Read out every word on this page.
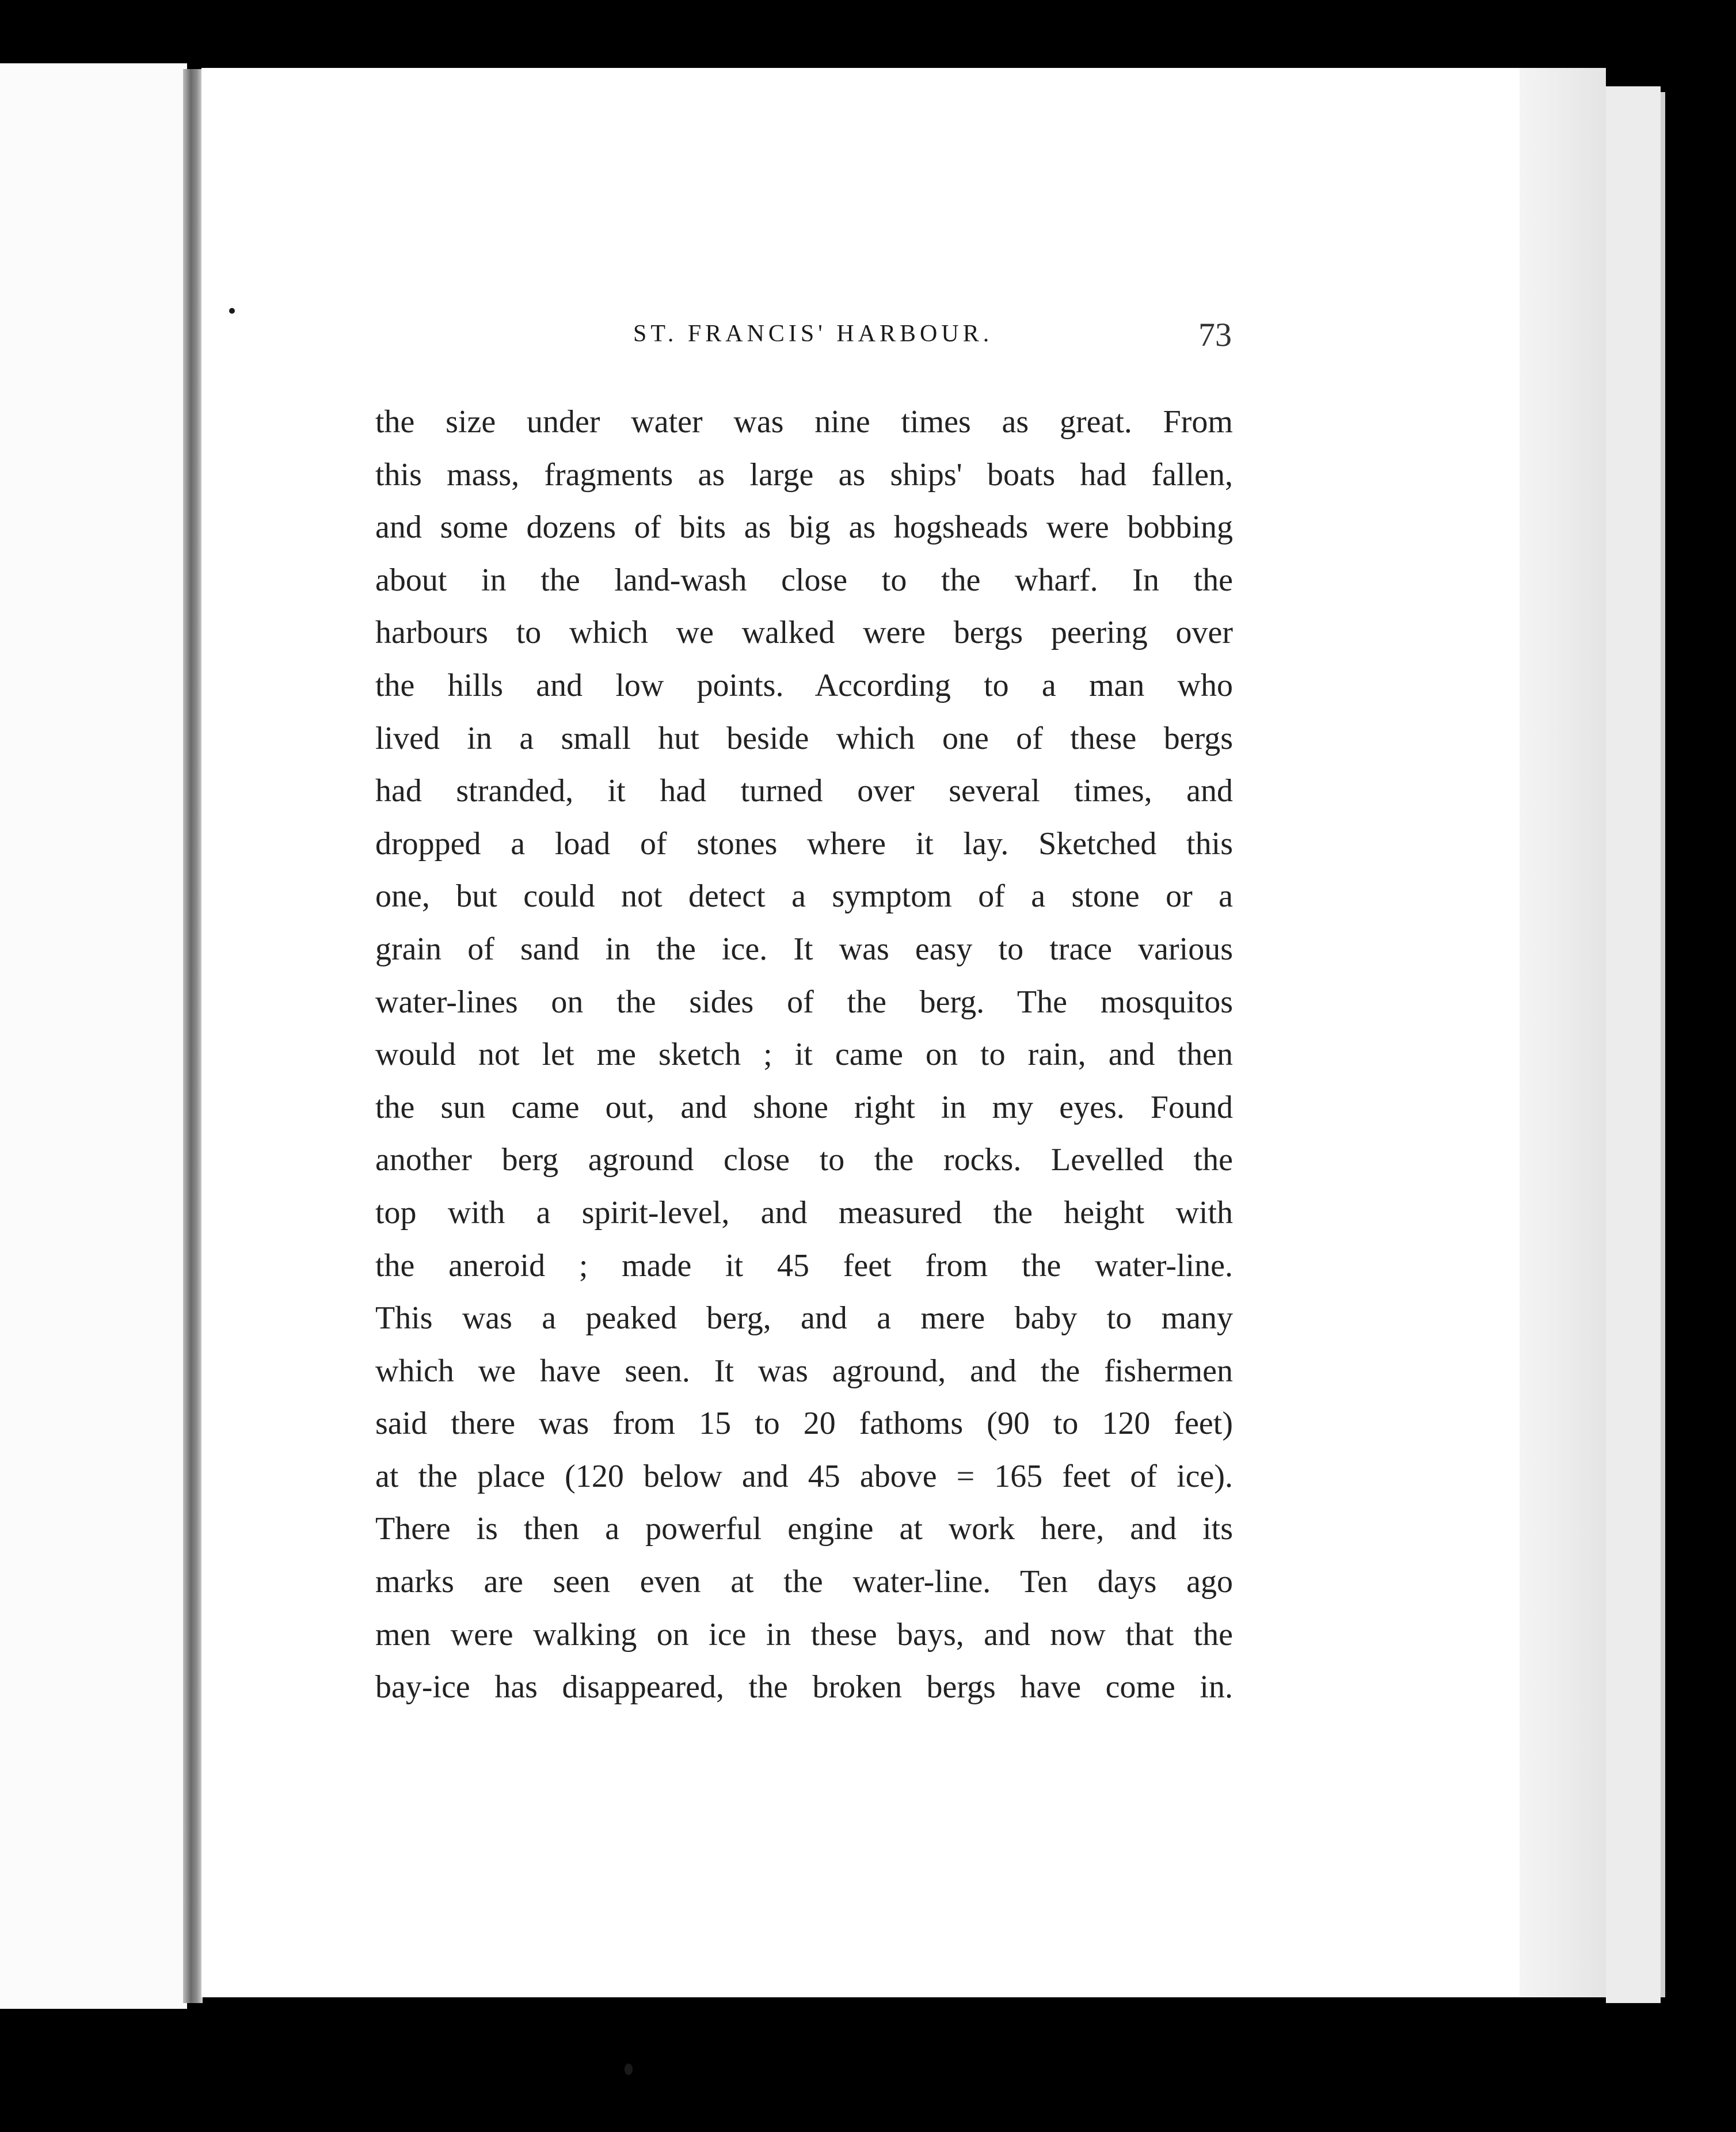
ST. FRANCIS' HARBOUR.	73
the size under water was nine times as great. From
this mass, fragments as large as ships' boats had fallen,
and some dozens of bits as big as hogsheads were bobbing
about in the land-wash close to the wharf. In the
harbours to which we walked were bergs peering over
the hills and low points. According to a man who
lived in a small hut beside which one of these bergs
had stranded, it had turned over several times, and
dropped a load of stones where it lay. Sketched this
one, but could not detect a symptom of a stone or a
grain of sand in the ice. It was easy to trace various
water-lines on the sides of the berg. The mosquitos
would not let me sketch ; it came on to rain, and then
the sun came out, and shone right in my eyes. Found
another berg aground close to the rocks. Levelled the
top with a spirit-level, and measured the height with
the aneroid ; made it 45 feet from the water-line.
This was a peaked berg, and a mere baby to many
which we have seen. It was aground, and the fishermen
said there was from 15 to 20 fathoms (90 to 120 feet)
at the place (120 below and 45 above = 165 feet of ice).
There is then a powerful engine at work here, and its
marks are seen even at the water-line. Ten days ago
men were walking on ice in these bays, and now that the
bay-ice has disappeared, the broken bergs have come in.
